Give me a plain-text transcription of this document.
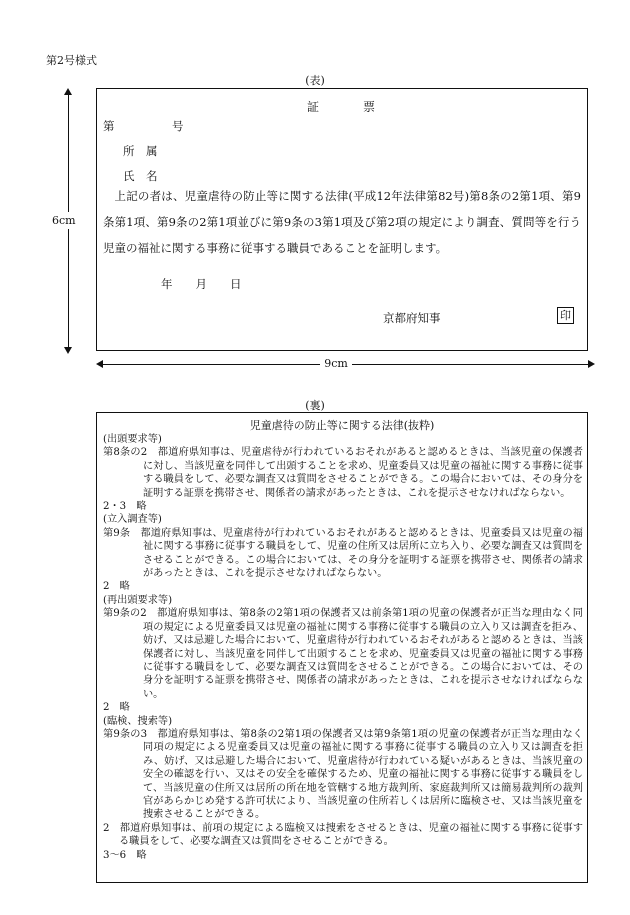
第2号様式
(表)
6cm
証　　　票
第　　　　　号
所　属
氏　名
上記の者は、児童虐待の防止等に関する法律(平成12年法律第82号)第8条の2第1項、第9条第1項、第9条の2第1項並びに第9条の3第1項及び第2項の規定により調査、質問等を行う児童の福祉に関する事務に従事する職員であることを証明します。
年　　月　　日
京都府知事	印
9cm
(裏)
児童虐待の防止等に関する法律(抜粋)

(出頭要求等)

第8条の2　都道府県知事は、児童虐待が行われているおそれがあると認めるときは、当該児童の保護者に対し、当該児童を同伴して出頭することを求め、児童委員又は児童の福祉に関する事務に従事する職員をして、必要な調査又は質問をさせることができる。この場合においては、その身分を証明する証票を携帯させ、関係者の請求があったときは、これを提示させなければならない。

2・3　略

(立入調査等)

第9条　都道府県知事は、児童虐待が行われているおそれがあると認めるときは、児童委員又は児童の福祉に関する事務に従事する職員をして、児童の住所又は居所に立ち入り、必要な調査又は質問をさせることができる。この場合においては、その身分を証明する証票を携帯させ、関係者の請求があったときは、これを提示させなければならない。

2　略

(再出頭要求等)

第9条の2　都道府県知事は、第8条の2第1項の保護者又は前条第1項の児童の保護者が正当な理由なく同項の規定による児童委員又は児童の福祉に関する事務に従事する職員の立入り又は調査を拒み、妨げ、又は忌避した場合において、児童虐待が行われているおそれがあると認めるときは、当該保護者に対し、当該児童を同伴して出頭することを求め、児童委員又は児童の福祉に関する事務に従事する職員をして、必要な調査又は質問をさせることができる。この場合においては、その身分を証明する証票を携帯させ、関係者の請求があったときは、これを提示させなければならない。

2　略

(臨検、捜索等)

第9条の3　都道府県知事は、第8条の2第1項の保護者又は第9条第1項の児童の保護者が正当な理由なく同項の規定による児童委員又は児童の福祉に関する事務に従事する職員の立入り又は調査を拒み、妨げ、又は忌避した場合において、児童虐待が行われている疑いがあるときは、当該児童の安全の確認を行い、又はその安全を確保するため、児童の福祉に関する事務に従事する職員をして、当該児童の住所又は居所の所在地を管轄する地方裁判所、家庭裁判所又は簡易裁判所の裁判官があらかじめ発する許可状により、当該児童の住所若しくは居所に臨検させ、又は当該児童を捜索させることができる。

2　都道府県知事は、前項の規定による臨検又は捜索をさせるときは、児童の福祉に関する事務に従事する職員をして、必要な調査又は質問をさせることができる。

3〜6　略
